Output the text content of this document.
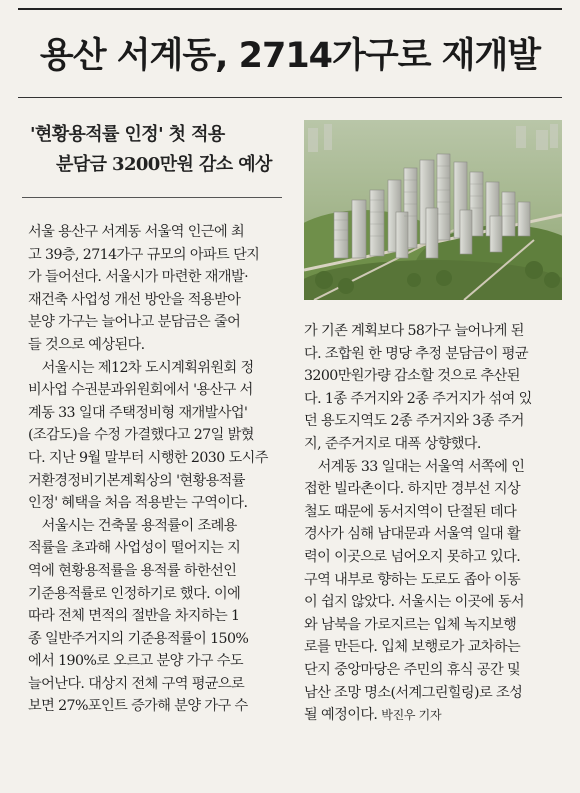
용산 서계동, 2714가구로 재개발
'현황용적률 인정' 첫 적용
분담금 3200만원 감소 예상
서울 용산구 서계동 서울역 인근에 최
고 39층, 2714가구 규모의 아파트 단지
가 들어선다. 서울시가 마련한 재개발·
재건축 사업성 개선 방안을 적용받아
분양 가구는 늘어나고 분담금은 줄어
들 것으로 예상된다.
　서울시는 제12차 도시계획위원회 정
비사업 수권분과위원회에서 '용산구 서
계동 33 일대 주택정비형 재개발사업'
(조감도)을 수정 가결했다고 27일 밝혔
다. 지난 9월 말부터 시행한 2030 도시주
거환경정비기본계획상의 '현황용적률
인정' 혜택을 처음 적용받는 구역이다.
　서울시는 건축물 용적률이 조례용
적률을 초과해 사업성이 떨어지는 지
역에 현황용적률을 용적률 하한선인
기준용적률로 인정하기로 했다. 이에
따라 전체 면적의 절반을 차지하는 1
종 일반주거지의 기준용적률이 150%
에서 190%로 오르고 분양 가구 수도
늘어난다. 대상지 전체 구역 평균으로
보면 27%포인트 증가해 분양 가구 수
가 기존 계획보다 58가구 늘어나게 된
다. 조합원 한 명당 추정 분담금이 평균
3200만원가량 감소할 것으로 추산된
다. 1종 주거지와 2종 주거지가 섞여 있
던 용도지역도 2종 주거지와 3종 주거
지, 준주거지로 대폭 상향했다.
　서계동 33 일대는 서울역 서쪽에 인
접한 빌라촌이다. 하지만 경부선 지상
철도 때문에 동서지역이 단절된 데다
경사가 심해 남대문과 서울역 일대 활
력이 이곳으로 넘어오지 못하고 있다.
구역 내부로 향하는 도로도 좁아 이동
이 쉽지 않았다. 서울시는 이곳에 동서
와 남북을 가로지르는 입체 녹지보행
로를 만든다. 입체 보행로가 교차하는
단지 중앙마당은 주민의 휴식 공간 및
남산 조망 명소(서계그린힐링)로 조성
될 예정이다. 박진우 기자
